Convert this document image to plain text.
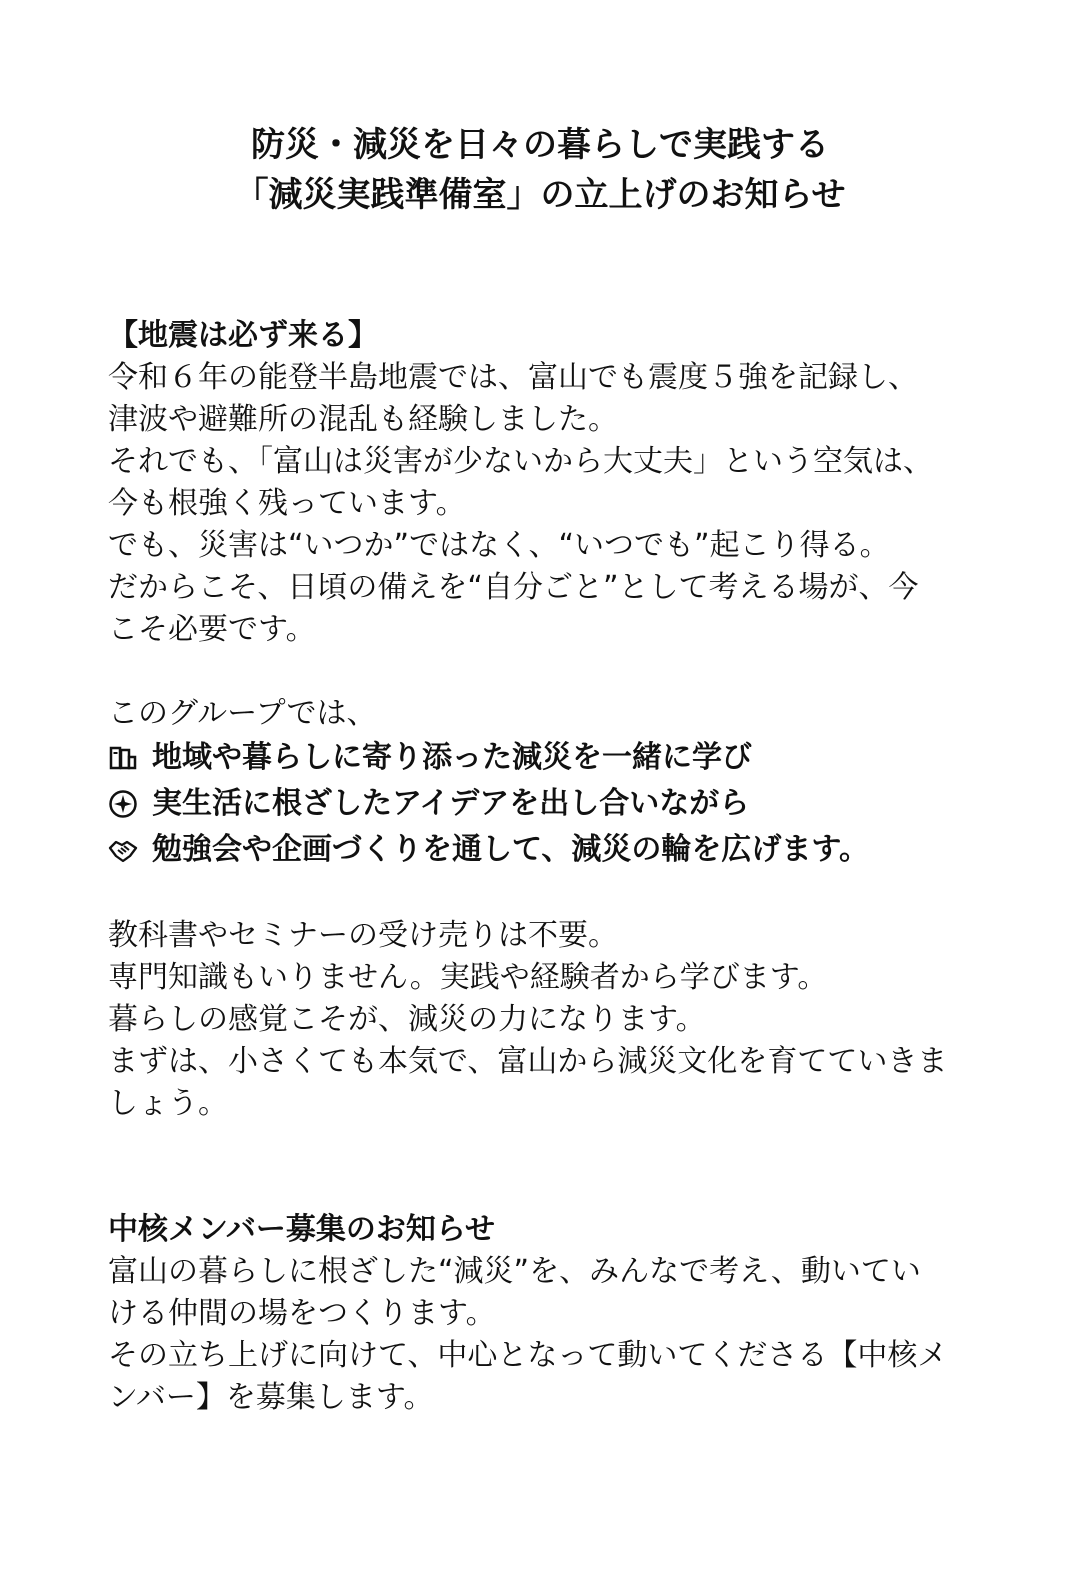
防災・減災を日々の暮らしで実践する
「減災実践準備室」の立上げのお知らせ
【地震は必ず来る】
令和６年の能登半島地震では、富山でも震度５強を記録し、
津波や避難所の混乱も経験しました。
それでも、「富山は災害が少ないから大丈夫」という空気は、
今も根強く残っています。
でも、災害は“いつか”ではなく、“いつでも”起こり得る。
だからこそ、日頃の備えを“自分ごと”として考える場が、今
こそ必要です。
このグループでは、
地域や暮らしに寄り添った減災を一緒に学び
実生活に根ざしたアイデアを出し合いながら
勉強会や企画づくりを通して、減災の輪を広げます。
教科書やセミナーの受け売りは不要。
専門知識もいりません。実践や経験者から学びます。
暮らしの感覚こそが、減災の力になります。
まずは、小さくても本気で、富山から減災文化を育てていきま
しょう。
中核メンバー募集のお知らせ
富山の暮らしに根ざした“減災”を、みんなで考え、動いてい
ける仲間の場をつくります。
その立ち上げに向けて、中心となって動いてくださる【中核メ
ンバー】を募集します。
